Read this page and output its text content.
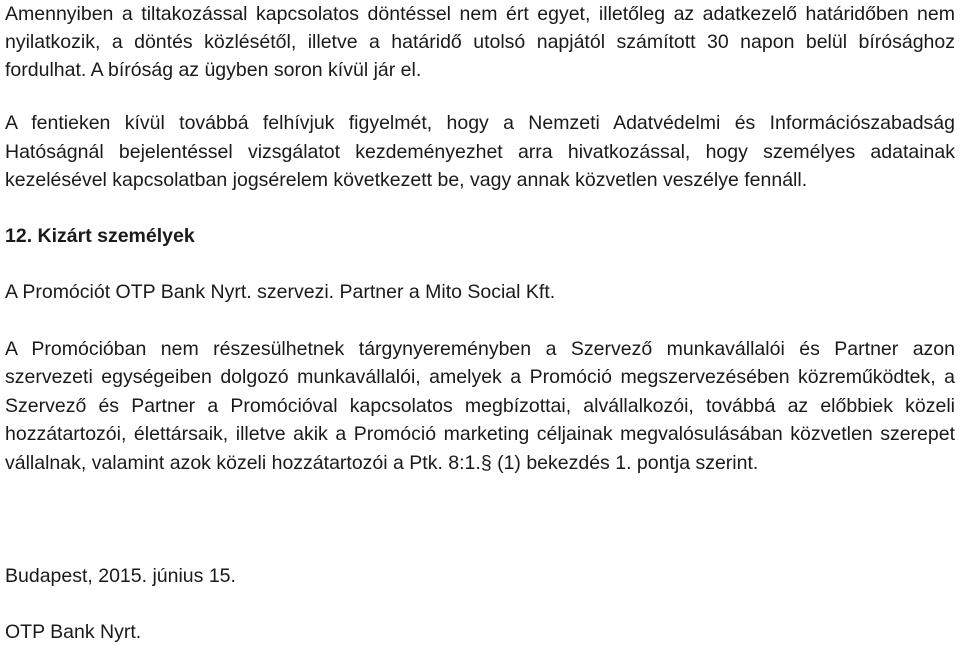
Amennyiben a tiltakozással kapcsolatos döntéssel nem ért egyet, illetőleg az adatkezelő határidőben nem nyilatkozik, a döntés közlésétől, illetve a határidő utolsó napjától számított 30 napon belül bírósághoz fordulhat. A bíróság az ügyben soron kívül jár el.

A fentieken kívül továbbá felhívjuk figyelmét, hogy a Nemzeti Adatvédelmi és Információszabadság Hatóságnál bejelentéssel vizsgálatot kezdeményezhet arra hivatkozással, hogy személyes adatainak kezelésével kapcsolatban jogsérelem következett be, vagy annak közvetlen veszélye fennáll.

12. Kizárt személyek

A Promóciót OTP Bank Nyrt. szervezi. Partner a Mito Social Kft.

A Promócióban nem részesülhetnek tárgynyereményben a Szervező munkavállalói és Partner azon szervezeti egységeiben dolgozó munkavállalói, amelyek a Promóció megszervezésében közreműködtek, a Szervező és Partner a Promócióval kapcsolatos megbízottai, alvállalkozói, továbbá az előbbiek közeli hozzátartozói, élettársaik, illetve akik a Promóció marketing céljainak megvalósulásában közvetlen szerepet vállalnak, valamint azok közeli hozzátartozói a Ptk. 8:1.§ (1) bekezdés 1. pontja szerint.

Budapest, 2015. június 15.

OTP Bank Nyrt.
